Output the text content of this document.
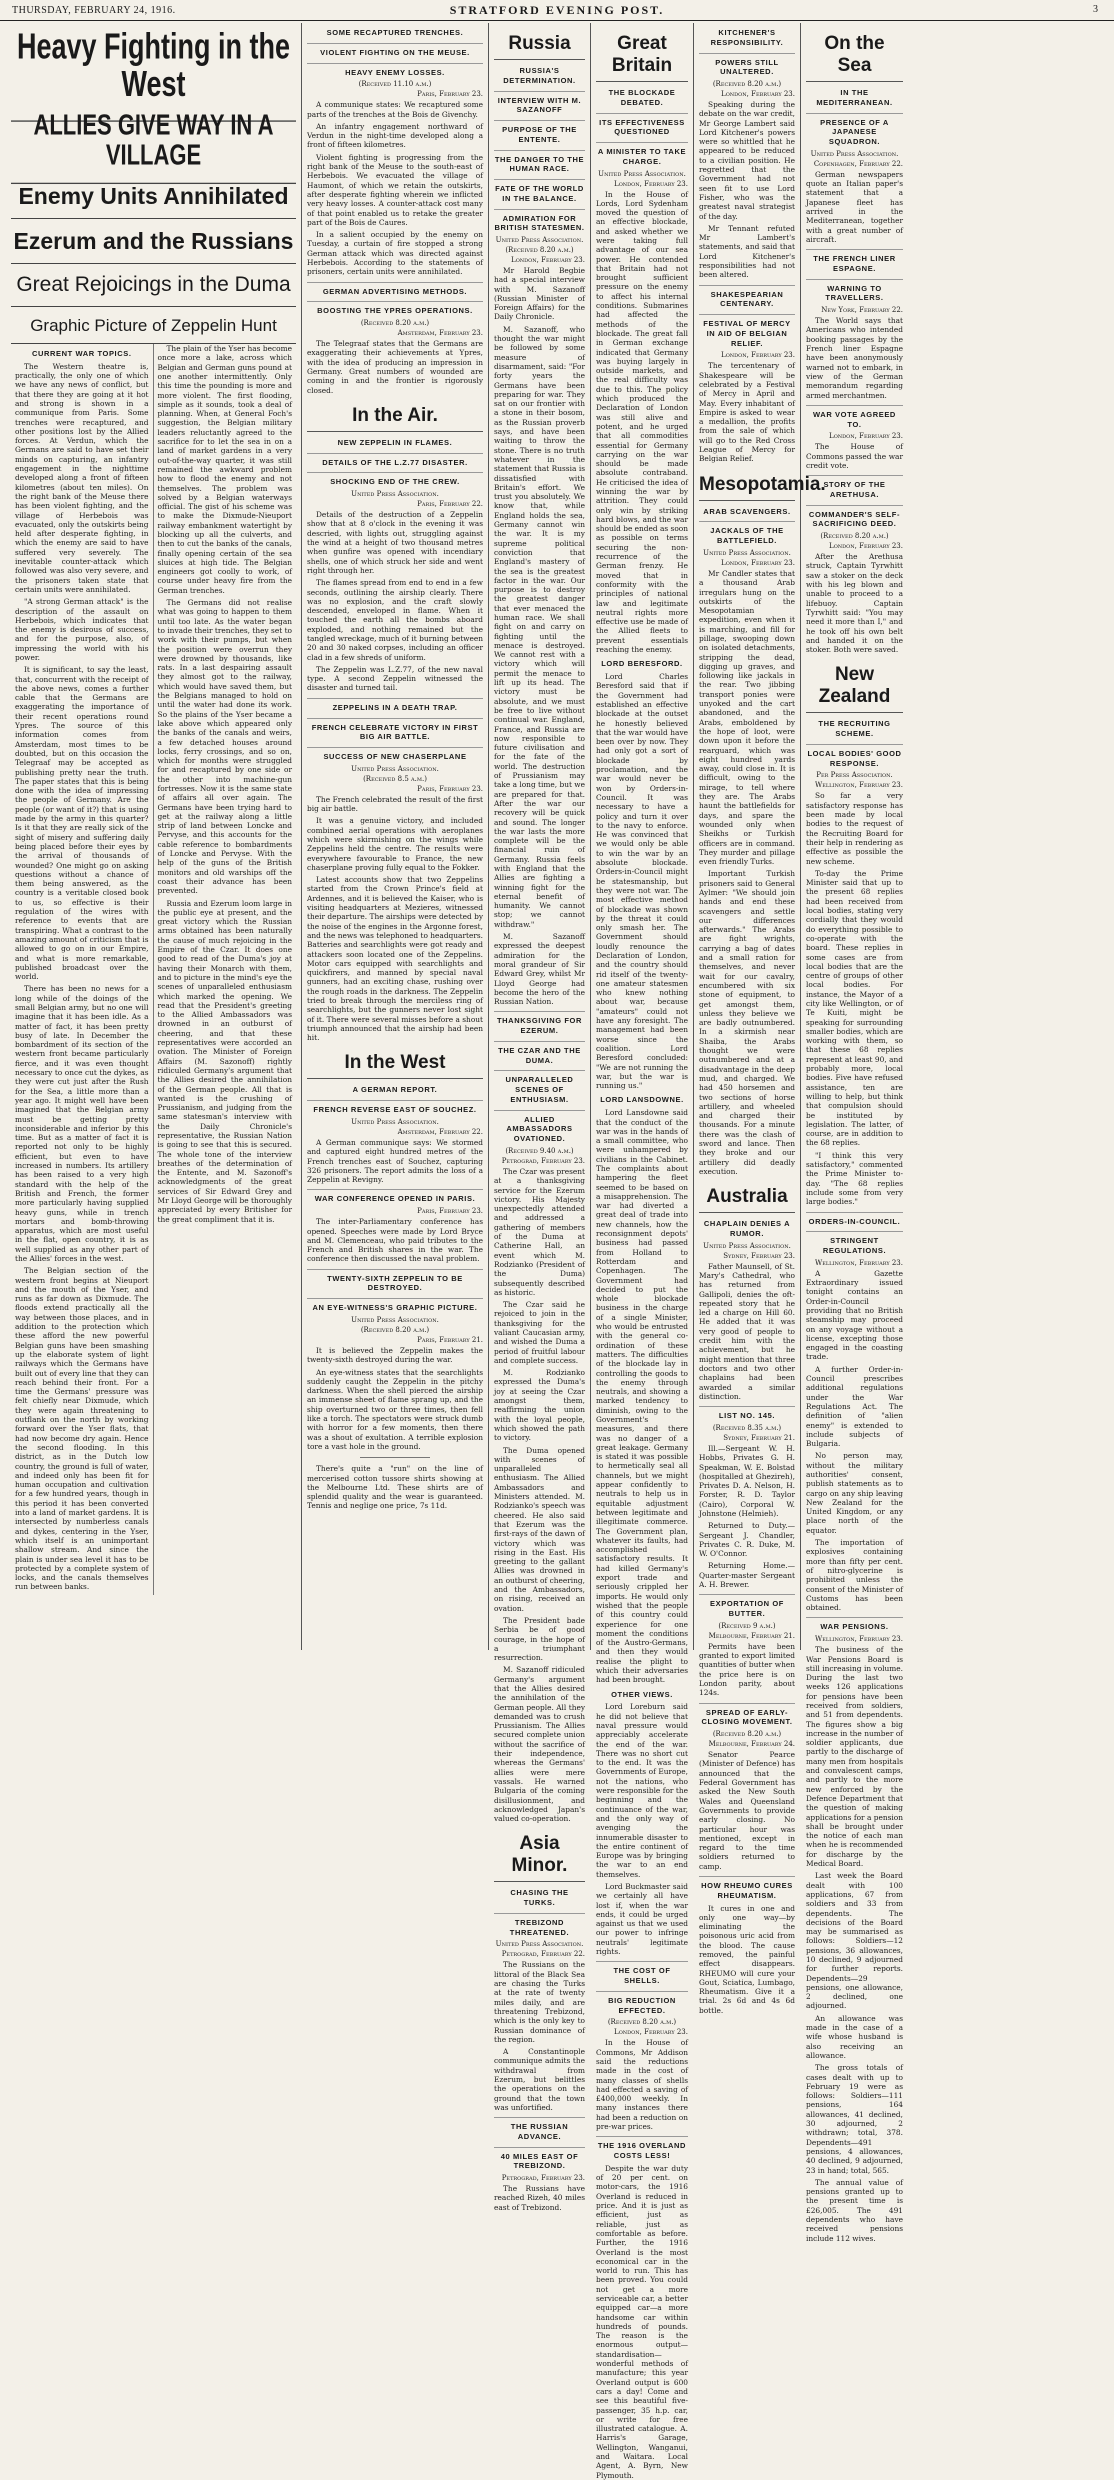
THURSDAY, FEBRUARY 24, 1916.	STRATFORD EVENING POST.	3
Heavy Fighting in the West
ALLIES GIVE WAY IN A VILLAGE
Enemy Units Annihilated
Ezerum and the Russians
Great Rejoicings in the Duma
Graphic Picture of Zeppelin Hunt
CURRENT WAR TOPICS.

The Western theatre is, practically, the only one of which we have any news of conflict, but that there they are going at it hot and strong is shown in a communique from Paris. Some trenches were recaptured, and other positions lost by the Allied forces. At Verdun, which the Germans are said to have set their minds on capturing, an infantry engagement in the nighttime developed along a front of fifteen kilometres (about ten miles). On the right bank of the Meuse there has been violent fighting, and the village of Herbebois was evacuated, only the outskirts being held after desperate fighting, in which the enemy are said to have suffered very severely. The inevitable counter-attack which followed was also very severe, and the prisoners taken state that certain units were annihilated.

"A strong German attack" is the description of the assault on Herbebois, which indicates that the enemy is desirous of success, and for the purpose, also, of impressing the world with his power.

It is significant, to say the least, that, concurrent with the receipt of the above news, comes a further cable that the Germans are exaggerating the importance of their recent operations round Ypres. The source of this information comes from Amsterdam, most times to be doubted, but on this occasion the Telegraaf may be accepted as publishing pretty near the truth. The paper states that this is being done with the idea of impressing the people of Germany. Are the people (or want of it?) that is using made by the army in this quarter? Is it that they are really sick of the sight of misery and suffering daily being placed before their eyes by the arrival of thousands of wounded? One might go on asking questions without a chance of them being answered, as the country is a veritable closed book to us, so effective is their regulation of the wires with reference to events that are transpiring. What a contrast to the amazing amount of criticism that is allowed to go on in our Empire, and what is more remarkable, published broadcast over the world.

There has been no news for a long while of the doings of the small Belgian army, but no one will imagine that it has been idle. As a matter of fact, it has been pretty busy of late. In December the bombardment of its section of the western front became particularly fierce, and it was even thought necessary to once cut the dykes, as they were cut just after the Rush for the Sea, a little more than a year ago. It might well have been imagined that the Belgian army must be getting pretty inconsiderable and inferior by this time. But as a matter of fact it is reported not only to be highly efficient, but even to have increased in numbers. Its artillery has been raised to a very high standard with the help of the British and French, the former more particularly having supplied heavy guns, while in trench mortars and bomb-throwing apparatus, which are most useful in the flat, open country, it is as well supplied as any other part of the Allies' forces in the west.

The Belgian section of the western front begins at Nieuport and the mouth of the Yser, and runs as far down as Dixmude. The floods extend practically all the way between those places, and in addition to the protection which these afford the new powerful Belgian guns have been smashing up the elaborate system of light railways which the Germans have built out of every line that they can reach behind their front. For a time the Germans' pressure was felt chiefly near Dixmude, which they were again threatening to outflank on the north by working forward over the Yser flats, that had now become dry again. Hence the second flooding. In this district, as in the Dutch low country, the ground is full of water, and indeed only has been fit for human occupation and cultivation for a few hundred years, though in this period it has been converted into a land of market gardens. It is intersected by numberless canals and dykes, centering in the Yser, which itself is an unimportant shallow stream. And since the plain is under sea level it has to be protected by a complete system of locks, and the canals themselves run between banks.

The plain of the Yser has become once more a lake, across which Belgian and German guns pound at one another intermittently. Only this time the pounding is more and more violent. The first flooding, simple as it sounds, took a deal of planning. When, at General Foch's suggestion, the Belgian military leaders reluctantly agreed to the sacrifice for to let the sea in on a land of market gardens in a very out-of-the-way quarter, it was still remained the awkward problem how to flood the enemy and not themselves. The problem was solved by a Belgian waterways official. The gist of his scheme was to make the Dixmude-Nieuport railway embankment watertight by blocking up all the culverts, and then to cut the banks of the canals, finally opening certain of the sea sluices at high tide. The Belgian engineers got coolly to work, of course under heavy fire from the German trenches.

The Germans did not realise what was going to happen to them until too late. As the water began to invade their trenches, they set to work with their pumps, but when the position were overrun they were drowned by thousands, like rats. In a last despairing assault they almost got to the railway, which would have saved them, but the Belgians managed to hold on until the water had done its work. So the plains of the Yser became a lake above which appeared only the banks of the canals and weirs, a few detached houses around locks, ferry crossings, and so on, which for months were struggled for and recaptured by one side or the other into machine-gun fortresses. Now it is the same state of affairs all over again. The Germans have been trying hard to get at the railway along a little strip of land between Loncke and Pervyse, and this accounts for the cable reference to bombardments of Loncke and Pervyse. With the help of the guns of the British monitors and old warships off the coast their advance has been prevented.

Russia and Ezerum loom large in the public eye at present, and the great victory which the Russian arms obtained has been naturally the cause of much rejoicing in the Empire of the Czar. It does one good to read of the Duma's joy at having their Monarch with them, and to picture in the mind's eye the scenes of unparalleled enthusiasm which marked the opening. We read that the President's greeting to the Allied Ambassadors was drowned in an outburst of cheering, and that these representatives were accorded an ovation. The Minister of Foreign Affairs (M. Sazonoff) rightly ridiculed Germany's argument that the Allies desired the annihilation of the German people. All that is wanted is the crushing of Prussianism, and judging from the same statesman's interview with the Daily Chronicle's representative, the Russian Nation is going to see that this is secured. The whole tone of the interview breathes of the determination of the Entente, and M. Sazonoff's acknowledgments of the great services of Sir Edward Grey and Mr Lloyd George will be thoroughly appreciated by every Britisher for the great compliment that it is.

SOME RECAPTURED TRENCHES.
VIOLENT FIGHTING ON THE MEUSE.
HEAVY ENEMY LOSSES.
(Received 11.10 a.m.)
Paris, February 23.

A communique states: We recaptured some parts of the trenches at the Bois de Givenchy.

An infantry engagement northward of Verdun in the night-time developed along a front of fifteen kilometres.

Violent fighting is progressing from the right bank of the Meuse to the south-east of Herbebois. We evacuated the village of Haumont, of which we retain the outskirts, after desperate fighting wherein we inflicted very heavy losses. A counter-attack cost many of that point enabled us to retake the greater part of the Bois de Caures.

In a salient occupied by the enemy on Tuesday, a curtain of fire stopped a strong German attack which was directed against Herbebois. According to the statements of prisoners, certain units were annihilated.

GERMAN ADVERTISING METHODS.
BOOSTING THE YPRES OPERATIONS.
(Received 8.20 a.m.)
Amsterdam, February 23.

The Telegraaf states that the Germans are exaggerating their achievements at Ypres, with the idea of producing an impression in Germany. Great numbers of wounded are coming in and the frontier is rigorously closed.

In the Air.
NEW ZEPPELIN IN FLAMES.
DETAILS OF THE L.Z.77 DISASTER.
SHOCKING END OF THE CREW.
United Press Association.
Paris, February 22.

Details of the destruction of a Zeppelin show that at 8 o'clock in the evening it was descried, with lights out, struggling against the wind at a height of two thousand metres when gunfire was opened with incendiary shells, one of which struck her side and went right through her.

The flames spread from end to end in a few seconds, outlining the airship clearly. There was no explosion, and the craft slowly descended, enveloped in flame. When it touched the earth all the bombs aboard exploded, and nothing remained but the tangled wreckage, much of it burning between 20 and 30 naked corpses, including an officer clad in a few shreds of uniform.

The Zeppelin was L.Z.77, of the new naval type. A second Zeppelin witnessed the disaster and turned tail.

ZEPPELINS IN A DEATH TRAP.
FRENCH CELEBRATE VICTORY IN FIRST BIG AIR BATTLE.
SUCCESS OF NEW CHASERPLANE
United Press Association.
(Received 8.5 a.m.)
Paris, February 23.

The French celebrated the result of the first big air battle.

It was a genuine victory, and included combined aerial operations with aeroplanes which were skirmishing on the wings while Zeppelins held the centre. The results were everywhere favourable to France, the new chaserplane proving fully equal to the Fokker.

Latest accounts show that two Zeppelins started from the Crown Prince's field at Ardennes, and it is believed the Kaiser, who is visiting headquarters at Mezieres, witnessed their departure. The airships were detected by the noise of the engines in the Argonne forest, and the news was telephoned to headquarters. Batteries and searchlights were got ready and attackers soon located one of the Zeppelins. Motor cars equipped with searchlights and quickfirers, and manned by special naval gunners, had an exciting chase, rushing over the rough roads in the darkness. The Zeppelin tried to break through the merciless ring of searchlights, but the gunners never lost sight of it. There were several misses before a shout triumph announced that the airship had been hit.

In the West
A GERMAN REPORT.
FRENCH REVERSE EAST OF SOUCHEZ.
United Press Association.
Amsterdam, February 22.

A German communique says: We stormed and captured eight hundred metres of the French trenches east of Souchez, capturing 326 prisoners. The report admits the loss of a Zeppelin at Revigny.

WAR CONFERENCE OPENED IN PARIS.
Paris, February 23.

The inter-Parliamentary conference has opened. Speeches were made by Lord Bryce and M. Clemenceau, who paid tributes to the French and British shares in the war. The conference then discussed the naval problem.

TWENTY-SIXTH ZEPPELIN TO BE DESTROYED.
AN EYE-WITNESS'S GRAPHIC PICTURE.
United Press Association.
(Received 8.20 a.m.)
Paris, February 21.

It is believed the Zeppelin makes the twenty-sixth destroyed during the war.

An eye-witness states that the searchlights suddenly caught the Zeppelin in the pitchy darkness. When the shell pierced the airship an immense sheet of flame sprang up, and the ship overturned two or three times, then fell like a torch. The spectators were struck dumb with horror for a few moments, then there was a shout of exultation. A terrible explosion tore a vast hole in the ground.

There's quite a "run" on the line of mercerised cotton tussore shirts showing at the Melbourne Ltd. These shirts are of splendid quality and the wear is guaranteed. Tennis and neglige one price, 7s 11d.

Russia
RUSSIA'S DETERMINATION.
INTERVIEW WITH M. SAZANOFF
PURPOSE OF THE ENTENTE.
THE DANGER TO THE HUMAN RACE.
FATE OF THE WORLD IN THE BALANCE.
ADMIRATION FOR BRITISH STATESMEN.
United Press Association.
(Received 8.20 a.m.)
London, February 23.

Mr Harold Begbie had a special interview with M. Sazanoff (Russian Minister of Foreign Affairs) for the Daily Chronicle.

M. Sazanoff, who thought the war might be followed by some measure of disarmament, said: "For forty years the Germans have been preparing for war. They sat on our frontier with a stone in their bosom, as the Russian proverb says, and have been waiting to throw the stone. There is no truth whatever in the statement that Russia is dissatisfied with Britain's effort. We trust you absolutely. We know that, while England holds the sea, Germany cannot win the war. It is my supreme political conviction that England's mastery of the sea is the greatest factor in the war. Our purpose is to destroy the greatest danger that ever menaced the human race. We shall fight on and carry on fighting until the menace is destroyed. We cannot rest with a victory which will permit the menace to lift up its head. The victory must be absolute, and we must be free to live without continual war. England, France, and Russia are now responsible to future civilisation and for the fate of the world. The destruction of Prussianism may take a long time, but we are prepared for that. After the war our recovery will be quick and sound. The longer the war lasts the more complete will be the financial ruin of Germany. Russia feels with England that the Allies are fighting a winning fight for the eternal benefit of humanity. We cannot stop; we cannot withdraw."

M. Sazanoff expressed the deepest admiration for the moral grandeur of Sir Edward Grey, whilst Mr Lloyd George had become the hero of the Russian Nation.

THANKSGIVING FOR EZERUM.
THE CZAR AND THE DUMA.
UNPARALLELED SCENES OF ENTHUSIASM.
ALLIED AMBASSADORS OVATIONED.
(Received 9.40 a.m.)
Petrograd, February 23.

The Czar was present at a thanksgiving service for the Ezerum victory. His Majesty unexpectedly attended and addressed a gathering of members of the Duma at Catherine Hall, an event which M. Rodzianko (President of the Duma) subsequently described as historic.

The Czar said he rejoiced to join in the thanksgiving for the valiant Caucasian army, and wished the Duma a period of fruitful labour and complete success.

M. Rodzianko expressed the Duma's joy at seeing the Czar amongst them, reaffirming the union with the loyal people, which showed the path to victory.

The Duma opened with scenes of unparalleled enthusiasm. The Allied Ambassadors and Ministers attended. M. Rodzianko's speech was cheered. He also said that Ezerum was the first-rays of the dawn of victory which was rising in the East. His greeting to the gallant Allies was drowned in an outburst of cheering, and the Ambassadors, on rising, received an ovation.

The President bade Serbia be of good courage, in the hope of a triumphant resurrection.

M. Sazanoff ridiculed Germany's argument that the Allies desired the annihilation of the German people. All they demanded was to crush Prussianism. The Allies secured complete union without the sacrifice of their independence, whereas the Germans' allies were mere vassals. He warned Bulgaria of the coming disillusionment, and acknowledged Japan's valued co-operation.

Asia Minor.
CHASING THE TURKS.
TREBIZOND THREATENED.
United Press Association.
Petrograd, February 22.

The Russians on the littoral of the Black Sea are chasing the Turks at the rate of twenty miles daily, and are threatening Trebizond, which is the only key to Russian dominance of the region.

A Constantinople communique admits the withdrawal from Ezerum, but belittles the operations on the ground that the town was unfortified.

THE RUSSIAN ADVANCE.
40 MILES EAST OF TREBIZOND.
Petrograd, February 23.

The Russians have reached Rizeh, 40 miles east of Trebizond.

Great Britain
THE BLOCKADE DEBATED.
ITS EFFECTIVENESS QUESTIONED
A MINISTER TO TAKE CHARGE.
United Press Association.
London, February 23.

In the House of Lords, Lord Sydenham moved the question of an effective blockade, and asked whether we were taking full advantage of our sea power. He contended that Britain had not brought sufficient pressure on the enemy to affect his internal conditions. Submarines had affected the methods of the blockade. The great fall in German exchange indicated that Germany was buying largely in outside markets, and the real difficulty was due to this. The policy which produced the Declaration of London was still alive and potent, and he urged that all commodities essential for Germany carrying on the war should be made absolute contraband. He criticised the idea of winning the war by attrition. They could only win by striking hard blows, and the war should be ended as soon as possible on terms securing the non-recurrence of the German frenzy. He moved that in conformity with the principles of national law and legitimate neutral rights more effective use be made of the Allied fleets to prevent essentials reaching the enemy.

LORD BERESFORD.

Lord Charles Beresford said that if the Government had established an effective blockade at the outset he honestly believed that the war would have been over by now. They had only got a sort of blockade by proclamation, and the war would never be won by Orders-in-Council. It was necessary to have a policy and turn it over to the navy to enforce. He was convinced that we would only be able to win the war by an absolute blockade. Orders-in-Council might be statesmanship, but they were not war. The most effective method of blockade was shown by the threat it could only smash her. The Government should loudly renounce the Declaration of London, and the country should rid itself of the twenty-one amateur statesmen who knew nothing about war, because "amateurs" could not have any foresight. The management had been worse since the coalition. Lord Beresford concluded: "We are not running the war, but the war is running us."

LORD LANSDOWNE.

Lord Lansdowne said that the conduct of the war was in the hands of a small committee, who were unhampered by civilians in the Cabinet. The complaints about hampering the fleet seemed to be based on a misapprehension. The war had diverted a great deal of trade into new channels, how the reconsignment depots' business had passed from Holland to Rotterdam and Copenhagen. The Government had decided to put the whole blockade business in the charge of a single Minister, who would be entrusted with the general co-ordination of these matters. The difficulties of the blockade lay in controlling the goods to the enemy through neutrals, and showing a marked tendency to diminish, owing to the Government's measures, and there was no danger of a great leakage. Germany is stated it was possible to hermetically seal all channels, but we might appear confidently to neutrals to help us in equitable adjustment between legitimate and illegitimate commerce. The Government plan, whatever its faults, had accomplished satisfactory results. It had killed Germany's export trade and seriously crippled her imports. He would only wished that the people of this country could experience for one moment the conditions of the Austro-Germans, and then they would realise the plight to which their adversaries had been brought.

OTHER VIEWS.

Lord Loreburn said he did not believe that naval pressure would appreciably accelerate the end of the war. There was no short cut to the end. It was the Governments of Europe, not the nations, who were responsible for the beginning and the continuance of the war, and the only way of avenging the innumerable disaster to the entire continent of Europe was by bringing the war to an end themselves.

Lord Buckmaster said we certainly all have lost if, when the war ends, it could be urged against us that we used our power to infringe neutrals' legitimate rights.

THE COST OF SHELLS.
BIG REDUCTION EFFECTED.
(Received 8.20 a.m.)
London, February 23.

In the House of Commons, Mr Addison said the reductions made in the cost of many classes of shells had effected a saving of £400,000 weekly. In many instances there had been a reduction on pre-war prices.

THE 1916 OVERLAND COSTS LESS!

Despite the war duty of 20 per cent. on motor-cars, the 1916 Overland is reduced in price. And it is just as efficient, just as reliable, just as comfortable as before. Further, the 1916 Overland is the most economical car in the world to run. This has been proved. You could not get a more serviceable car, a better equipped car—a more handsome car within hundreds of pounds. The reason is the enormous output—standardisation—wonderful methods of manufacture; this year Overland output is 600 cars a day! Come and see this beautiful five-passenger, 35 h.p. car, or write for free illustrated catalogue. A. Harris's Garage, Wellington, Wanganui, and Waitara. Local Agent, A. Byrn, New Plymouth.

KITCHENER'S RESPONSIBILITY.
POWERS STILL UNALTERED.
(Received 8.20 a.m.)
London, February 23.

Speaking during the debate on the war credit, Mr George Lambert said Lord Kitchener's powers were so whittled that he appeared to be reduced to a civilian position. He regretted that the Government had not seen fit to use Lord Fisher, who was the greatest naval strategist of the day.

Mr Tennant refuted Mr Lambert's statements, and said that Lord Kitchener's responsibilities had not been altered.

SHAKESPEARIAN CENTENARY.
FESTIVAL OF MERCY IN AID OF BELGIAN RELIEF.
London, February 23.

The tercentenary of Shakespeare will be celebrated by a Festival of Mercy in April and May. Every inhabitant of Empire is asked to wear a medallion, the profits from the sale of which will go to the Red Cross League of Mercy for Belgian Relief.

Mesopotamia.
ARAB SCAVENGERS.
JACKALS OF THE BATTLEFIELD.
United Press Association.
London, February 23.

Mr Candler states that a thousand Arab irregulars hung on the outskirts of the Mesopotamian expedition, even when it is marching, and fill for pillage, swooping down on isolated detachments, stripping the dead, digging up graves, and following like jackals in the rear. Two jibbing transport ponies were unyoked and the cart abandoned, and the Arabs, emboldened by the hope of loot, were down upon it before the rearguard, which was eight hundred yards away, could close in. It is difficult, owing to the mirage, to tell where they are. The Arabs haunt the battlefields for days, and spare the wounded only when Sheikhs or Turkish officers are in command. They murder and pillage even friendly Turks.

Important Turkish prisoners said to General Aylmer: "We should join hands and end these scavengers and settle our differences afterwards." The Arabs are fight wrights, carrying a bag of dates and a small ration for themselves, and never wait for our cavalry, encumbered with six stone of equipment, to get amongst them, unless they believe we are badly outnumbered. In a skirmish near Shaiba, the Arabs thought we were outnumbered and at a disadvantage in the deep mud, and charged. We had 450 horsemen and two sections of horse artillery, and wheeled and charged their thousands. For a minute there was the clash of sword and lance. Then they broke and our artillery did deadly execution.

Australia
CHAPLAIN DENIES A RUMOR.
United Press Association.
Sydney, February 23.

Father Maunsell, of St. Mary's Cathedral, who has returned from Gallipoli, denies the oft-repeated story that he led a charge on Hill 60. He added that it was very good of people to credit him with the achievement, but he might mention that three doctors and two other chaplains had been awarded a similar distinction.

LIST NO. 145.
(Received 8.35 a.m.)
Sydney, February 21.

Ill.—Sergeant W. H. Hobbs, Privates G. H. Speakman, W. E. Bolstad (hospitalled at Ghezireh), Privates D. A. Nelson, H. Forster, R. D. Taylor (Cairo), Corporal W. Johnstone (Helmieh).

Returned to Duty.—Sergeant J. Chandler, Privates C. R. Duke, M. W. O'Connor.

Returning Home.—Quarter-master Sergeant A. H. Brewer.

EXPORTATION OF BUTTER.
(Received 9 a.m.)
Melbourne, February 21.

Permits have been granted to export limited quantities of butter when the price here is on London parity, about 124s.

SPREAD OF EARLY-CLOSING MOVEMENT.
(Received 8.20 a.m.)
Melbourne, February 24.

Senator Pearce (Minister of Defence) has announced that the Federal Government has asked the New South Wales and Queensland Governments to provide early closing. No particular hour was mentioned, except in regard to the time soldiers returned to camp.

HOW RHEUMO CURES RHEUMATISM.

It cures in one and only one way—by eliminating the poisonous uric acid from the blood. The cause removed, the painful effect disappears. RHEUMO will cure your Gout, Sciatica, Lumbago, Rheumatism. Give it a trial. 2s 6d and 4s 6d bottle.

On the Sea
IN THE MEDITERRANEAN.
PRESENCE OF A JAPANESE SQUADRON.
United Press Association.
Copenhagen, February 22.

German newspapers quote an Italian paper's statement that a Japanese fleet has arrived in the Mediterranean, together with a great number of aircraft.

THE FRENCH LINER ESPAGNE.
WARNING TO TRAVELLERS.
New York, February 22.

The World says that Americans who intended booking passages by the French liner Espagne have been anonymously warned not to embark, in view of the German memorandum regarding armed merchantmen.

WAR VOTE AGREED TO.
London, February 23.

The House of Commons passed the war credit vote.

STORY OF THE ARETHUSA.
COMMANDER'S SELF-SACRIFICING DEED.
(Received 8.20 a.m.)
London, February 23.

After the Arethusa struck, Captain Tyrwhitt saw a stoker on the deck with his leg blown and unable to proceed to a lifebuoy. Captain Tyrwhitt said: "You may need it more than I," and he took off his own belt and handed it on the stoker. Both were saved.

New Zealand
THE RECRUITING SCHEME.
LOCAL BODIES' GOOD RESPONSE.
Per Press Association.
Wellington, February 23.

So far a very satisfactory response has been made by local bodies to the request of the Recruiting Board for their help in rendering as effective as possible the new scheme.

To-day the Prime Minister said that up to the present 68 replies had been received from local bodies, stating very cordially that they would do everything possible to co-operate with the board. These replies in some cases are from local bodies that are the centre of groups of other local bodies. For instance, the Mayor of a city like Wellington, or of Te Kuiti, might be speaking for surrounding smaller bodies, which are working with them, so that these 68 replies represent at least 90, and probably more, local bodies. Five have refused assistance, ten are willing to help, but think that compulsion should be instituted by legislation. The latter, of course, are in addition to the 68 replies.

"I think this very satisfactory," commented the Prime Minister to-day. "The 68 replies include some from very large bodies."

ORDERS-IN-COUNCIL.
STRINGENT REGULATIONS.
Wellington, February 23.

A Gazette Extraordinary issued tonight contains an Order-in-Council providing that no British steamship may proceed on any voyage without a license, excepting those engaged in the coasting trade.

A further Order-in-Council prescribes additional regulations under the War Regulations Act. The definition of "alien enemy" is extended to include subjects of Bulgaria.

No person may, without the military authorities' consent, publish statements as to cargo on any ship leaving New Zealand for the United Kingdom, or any place north of the equator.

The importation of explosives containing more than fifty per cent. of nitro-glycerine is prohibited unless the consent of the Minister of Customs has been obtained.

WAR PENSIONS.
Wellington, February 23.

The business of the War Pensions Board is still increasing in volume. During the last two weeks 126 applications for pensions have been received from soldiers, and 51 from dependents. The figures show a big increase in the number of soldier applicants, due partly to the discharge of many men from hospitals and convalescent camps, and partly to the more new enforced by the Defence Department that the question of making applications for a pension shall be brought under the notice of each man when he is recommended for discharge by the Medical Board.

Last week the Board dealt with 100 applications, 67 from soldiers and 33 from dependents. The decisions of the Board may be summarised as follows: Soldiers—12 pensions, 36 allowances, 10 declined, 9 adjourned for further reports. Dependents—29 pensions, one allowance, 2 declined, one adjourned.

An allowance was made in the case of a wife whose husband is also receiving an allowance.

The gross totals of cases dealt with up to February 19 were as follows: Soldiers—111 pensions, 164 allowances, 41 declined, 30 adjourned, 2 withdrawn; total, 378. Dependents—491 pensions, 4 allowances, 40 declined, 9 adjourned, 23 in hand; total, 565.

The annual value of pensions granted up to the present time is £26,005. The 491 dependents who have received pensions include 112 wives.
